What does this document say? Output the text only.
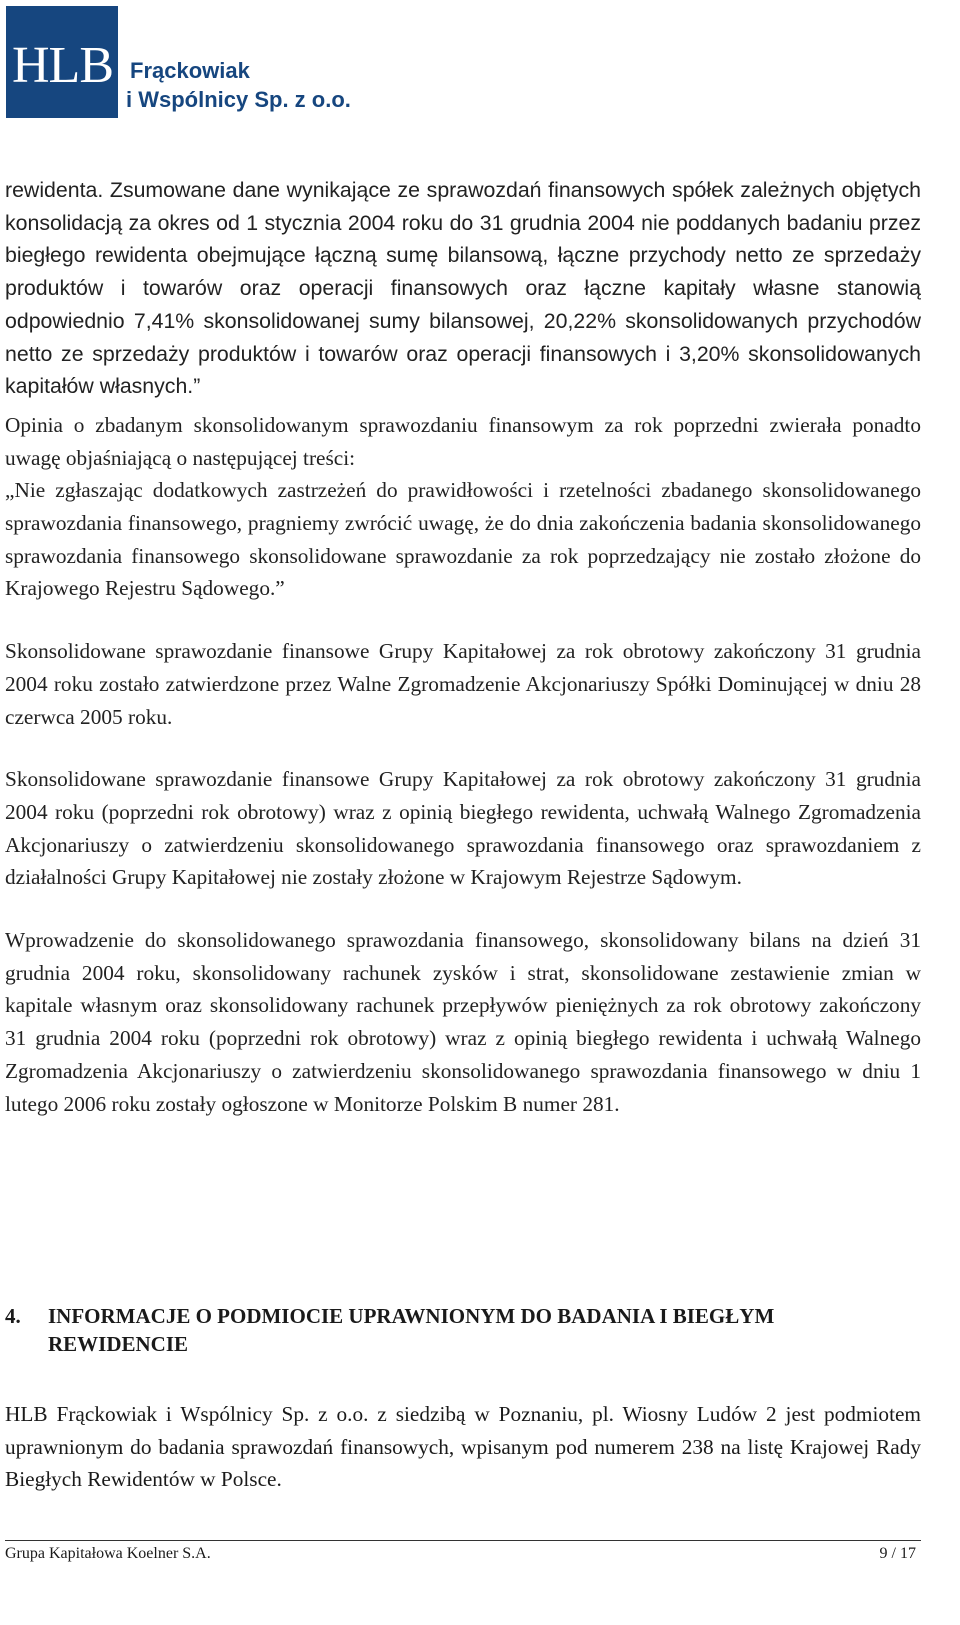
HLB Frąckowiak
i Wspólnicy Sp. z o.o.

rewidenta. Zsumowane dane wynikające ze sprawozdań finansowych spółek zależnych objętych konsolidacją za okres od 1 stycznia 2004 roku do 31 grudnia 2004 nie poddanych badaniu przez biegłego rewidenta obejmujące łączną sumę bilansową, łączne przychody netto ze sprzedaży produktów i towarów oraz operacji finansowych oraz łączne kapitały własne stanowią odpowiednio 7,41% skonsolidowanej sumy bilansowej, 20,22% skonsolidowanych przychodów netto ze sprzedaży produktów i towarów oraz operacji finansowych i 3,20% skonsolidowanych kapitałów własnych.”

Opinia o zbadanym skonsolidowanym sprawozdaniu finansowym za rok poprzedni zwierała ponadto uwagę objaśniającą o następującej treści:

„Nie zgłaszając dodatkowych zastrzeżeń do prawidłowości i rzetelności zbadanego skonsolidowanego sprawozdania finansowego, pragniemy zwrócić uwagę, że do dnia zakończenia badania skonsolidowanego sprawozdania finansowego skonsolidowane sprawozdanie za rok poprzedzający nie zostało złożone do Krajowego Rejestru Sądowego.”

Skonsolidowane sprawozdanie finansowe Grupy Kapitałowej za rok obrotowy zakończony 31 grudnia 2004 roku zostało zatwierdzone przez Walne Zgromadzenie Akcjonariuszy Spółki Dominującej w dniu 28 czerwca 2005 roku.

Skonsolidowane sprawozdanie finansowe Grupy Kapitałowej za rok obrotowy zakończony 31 grudnia 2004 roku (poprzedni rok obrotowy) wraz z opinią biegłego rewidenta, uchwałą Walnego Zgromadzenia Akcjonariuszy o zatwierdzeniu skonsolidowanego sprawozdania finansowego oraz sprawozdaniem z działalności Grupy Kapitałowej nie zostały złożone w Krajowym Rejestrze Sądowym.

Wprowadzenie do skonsolidowanego sprawozdania finansowego, skonsolidowany bilans na dzień 31 grudnia 2004 roku, skonsolidowany rachunek zysków i strat, skonsolidowane zestawienie zmian w kapitale własnym oraz skonsolidowany rachunek przepływów pieniężnych za rok obrotowy zakończony 31 grudnia 2004 roku (poprzedni rok obrotowy) wraz z opinią biegłego rewidenta i uchwałą Walnego Zgromadzenia Akcjonariuszy o zatwierdzeniu skonsolidowanego sprawozdania finansowego w dniu 1 lutego 2006 roku zostały ogłoszone w Monitorze Polskim B numer 281.

4. INFORMACJE O PODMIOCIE UPRAWNIONYM DO BADANIA I BIEGŁYM REWIDENCIE
HLB Frąckowiak i Wspólnicy Sp. z o.o. z siedzibą w Poznaniu, pl. Wiosny Ludów 2 jest podmiotem uprawnionym do badania sprawozdań finansowych, wpisanym pod numerem 238 na listę Krajowej Rady Biegłych Rewidentów w Polsce.
Grupa Kapitałowa Koelner S.A.	9 / 17
